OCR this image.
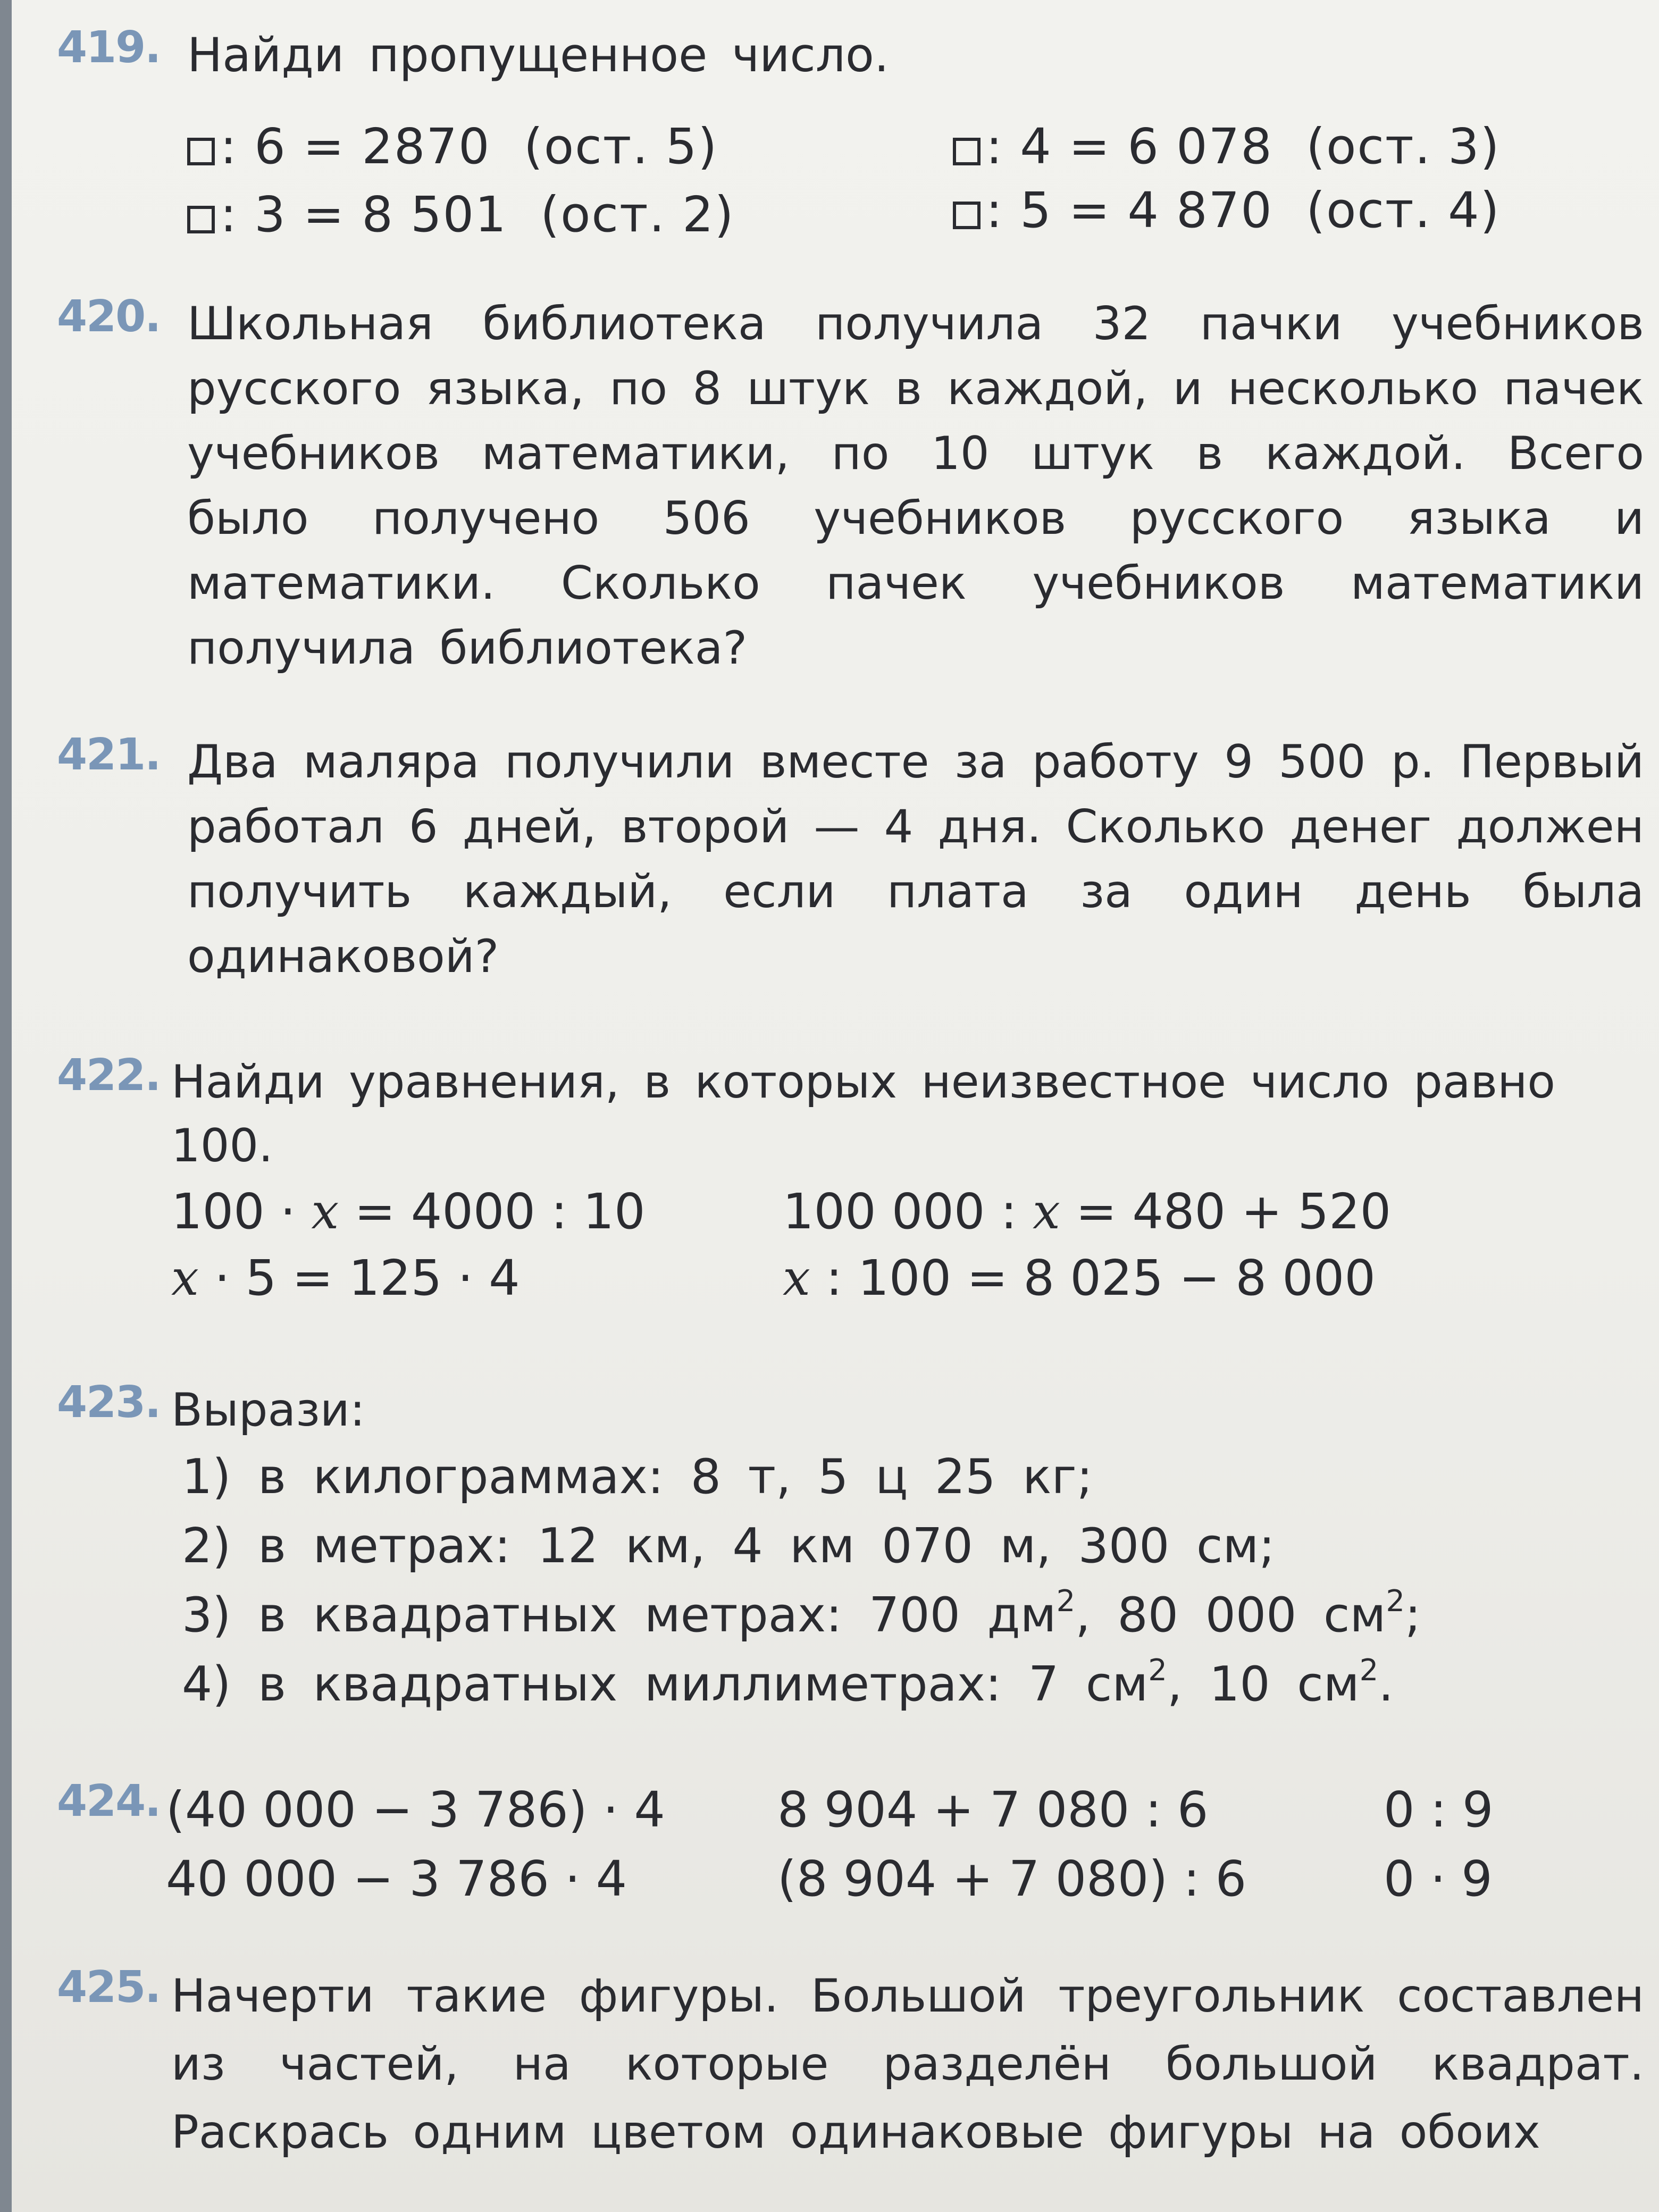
419. Найди пропущенное число.
: 6 = 2870 (ост. 5)
: 3 = 8 501 (ост. 2)
: 4 = 6 078 (ост. 3)
: 5 = 4 870 (ост. 4)
420. Школьная библиотека получила 32 пачки учебников русского языка, по 8 штук в каждой, и несколько пачек учебников математики, по 10 штук в каждой. Всего было получено 506 учебников русского языка и математики. Сколько пачек учебников математики получила библиотека?
421. Два маляра получили вместе за работу 9 500 р. Первый работал 6 дней, второй — 4 дня. Сколько денег должен получить каждый, если плата за один день была одинаковой?
422. Найди уравнения, в которых неизвестное число равно 100.
100 · x = 4000 : 10
x · 5 = 125 · 4
100 000 : x = 480 + 520
x : 100 = 8 025 − 8 000
423. Вырази:
1) в килограммах: 8 т, 5 ц 25 кг;
2) в метрах: 12 км, 4 км 070 м, 300 см;
3) в квадратных метрах: 700 $дм^2$, 80 000 $см^2$;
4) в квадратных миллиметрах: 7 $см^2$, 10 $см^2$.
424. (40 000 − 3 786) · 4
40 000 − 3 786 · 4
8 904 + 7 080 : 6
(8 904 + 7 080) : 6
0 : 9
0 · 9
425. Начерти такие фигуры. Большой треугольник составлен из частей, на которые разделён большой квадрат. Раскрась одним цветом одинаковые фигуры на обоих
